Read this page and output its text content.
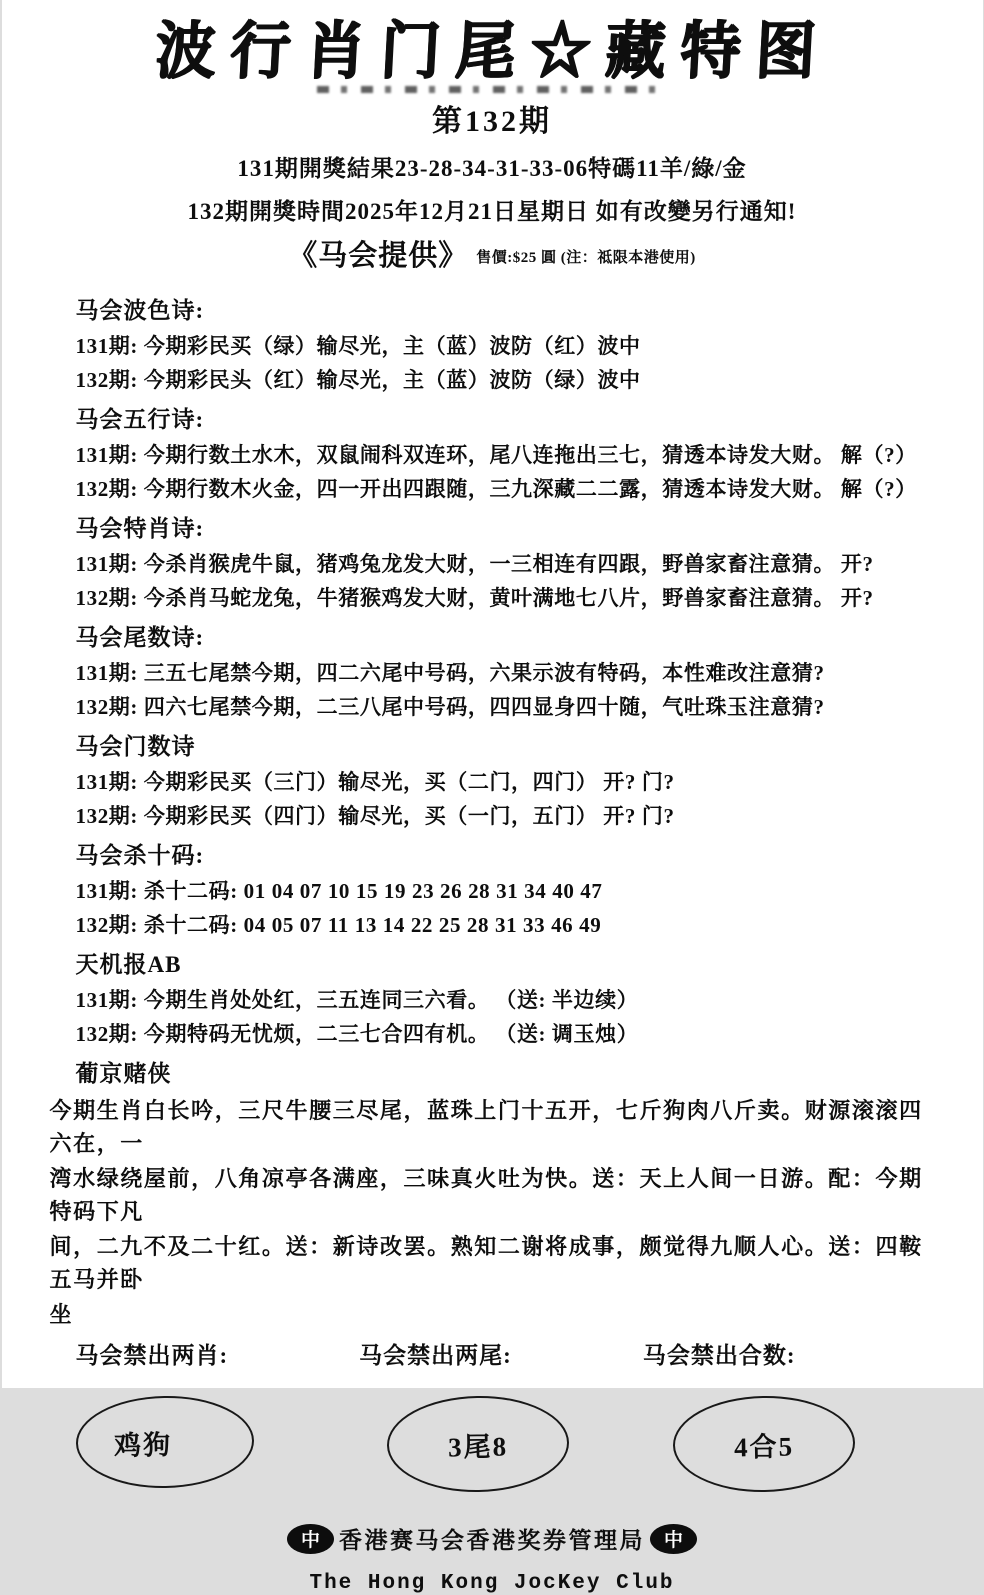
波行肖门尾☆藏特图
第132期
131期開獎結果23-28-34-31-33-06特碼11羊/綠/金
132期開獎時間2025年12月21日星期日 如有改變另行通知!
《马会提供》 售價:$25 圓 (注：祗限本港使用)
马会波色诗:

131期: 今期彩民买（绿）输尽光，主（蓝）波防（红）波中

132期: 今期彩民头（红）输尽光，主（蓝）波防（绿）波中

马会五行诗:

131期: 今期行数土水木，双鼠闹科双连环，尾八连拖出三七，猜透本诗发大财。 解（?）

132期: 今期行数木火金，四一开出四跟随，三九深藏二二露，猜透本诗发大财。 解（?）

马会特肖诗:

131期: 今杀肖猴虎牛鼠，猪鸡兔龙发大财，一三相连有四跟，野兽家畜注意猜。 开?

132期: 今杀肖马蛇龙兔，牛猪猴鸡发大财，黄叶满地七八片，野兽家畜注意猜。 开?

马会尾数诗:

131期: 三五七尾禁今期，四二六尾中号码，六果示波有特码，本性难改注意猜?

132期: 四六七尾禁今期，二三八尾中号码，四四显身四十随，气吐珠玉注意猜?

马会门数诗

131期: 今期彩民买（三门）输尽光，买（二门，四门） 开? 门?

132期: 今期彩民买（四门）输尽光，买（一门，五门） 开? 门?

马会杀十码:

131期: 杀十二码: 01 04 07 10 15 19 23 26 28 31 34 40 47

132期: 杀十二码: 04 05 07 11 13 14 22 25 28 31 33 46 49

天机报AB

131期: 今期生肖处处红，三五连同三六看。 （送: 半边续）

132期: 今期特码无忧烦，二三七合四有机。 （送: 调玉烛）

葡京赌侠

今期生肖白长吟，三尺牛腰三尽尾，蓝珠上门十五开，七斤狗肉八斤卖。财源滚滚四六在，一

湾水绿绕屋前，八角凉亭各满座，三味真火吐为快。送：天上人间一日游。配：今期特码下凡

间，二九不及二十红。送：新诗改罢。熟知二谢将成事，颇觉得九顺人心。送：四鞍五马并卧

坐

马会禁出两肖:
鸡狗
马会禁出两尾:
3尾8
马会禁出合数:
4合5
中 香港赛马会香港奖券管理局 中
The Hong Kong JocKey Club
